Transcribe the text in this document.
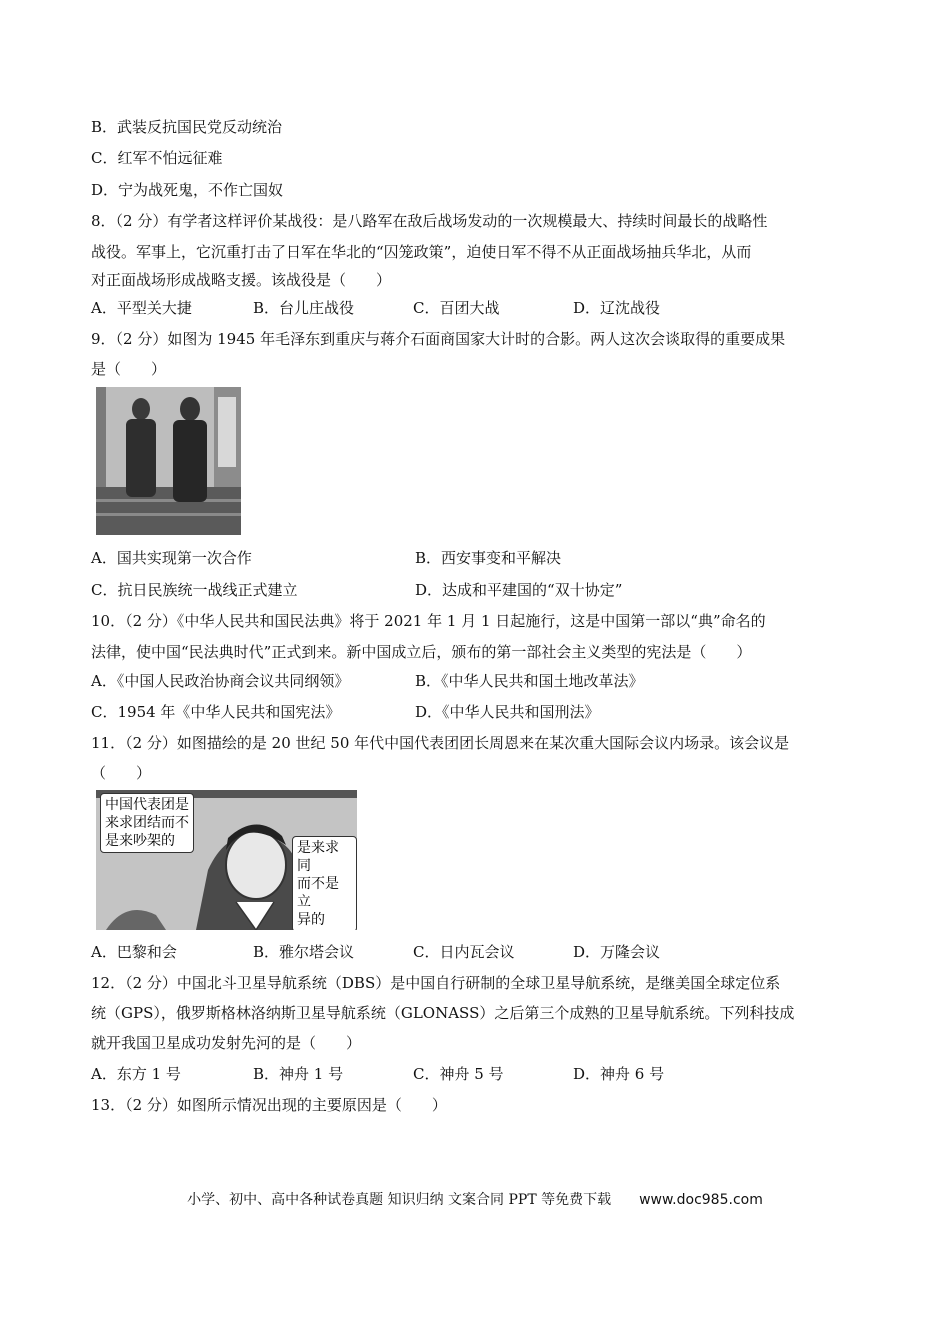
B．武装反抗国民党反动统治
C．红军不怕远征难
D．宁为战死鬼，不作亡国奴
8．（2 分）有学者这样评价某战役：是八路军在敌后战场发动的一次规模最大、持续时间最长的战略性
战役。军事上，它沉重打击了日军在华北的“囚笼政策”，迫使日军不得不从正面战场抽兵华北，从而
对正面战场形成战略支援。该战役是（　　）
A．平型关大捷	B．台儿庄战役	C．百团大战	D．辽沈战役
9．（2 分）如图为 1945 年毛泽东到重庆与蒋介石面商国家大计时的合影。两人这次会谈取得的重要成果
是（　　）
A．国共实现第一次合作	B．西安事变和平解决
C．抗日民族统一战线正式建立	D．达成和平建国的“双十协定”
10．（2 分）《中华人民共和国民法典》将于 2021 年 1 月 1 日起施行，这是中国第一部以“典”命名的
法律，使中国“民法典时代”正式到来。新中国成立后，颁布的第一部社会主义类型的宪法是（　　）
A．《中国人民政治协商会议共同纲领》	B．《中华人民共和国土地改革法》
C．1954 年《中华人民共和国宪法》	D．《中华人民共和国刑法》
11．（2 分）如图描绘的是 20 世纪 50 年代中国代表团团长周恩来在某次重大国际会议内场录。该会议是
（　　）
中国代表团是
来求团结而不
是来吵架的	是来求同
而不是立
异的
A．巴黎和会	B．雅尔塔会议	C．日内瓦会议	D．万隆会议
12．（2 分）中国北斗卫星导航系统（DBS）是中国自行研制的全球卫星导航系统，是继美国全球定位系
统（GPS），俄罗斯格林洛纳斯卫星导航系统（GLONASS）之后第三个成熟的卫星导航系统。下列科技成
就开我国卫星成功发射先河的是（　　）
A．东方 1 号	B．神舟 1 号	C．神舟 5 号	D．神舟 6 号
13．（2 分）如图所示情况出现的主要原因是（　　）
小学、初中、高中各种试卷真题 知识归纳 文案合同 PPT 等免费下载 www.doc985.com
